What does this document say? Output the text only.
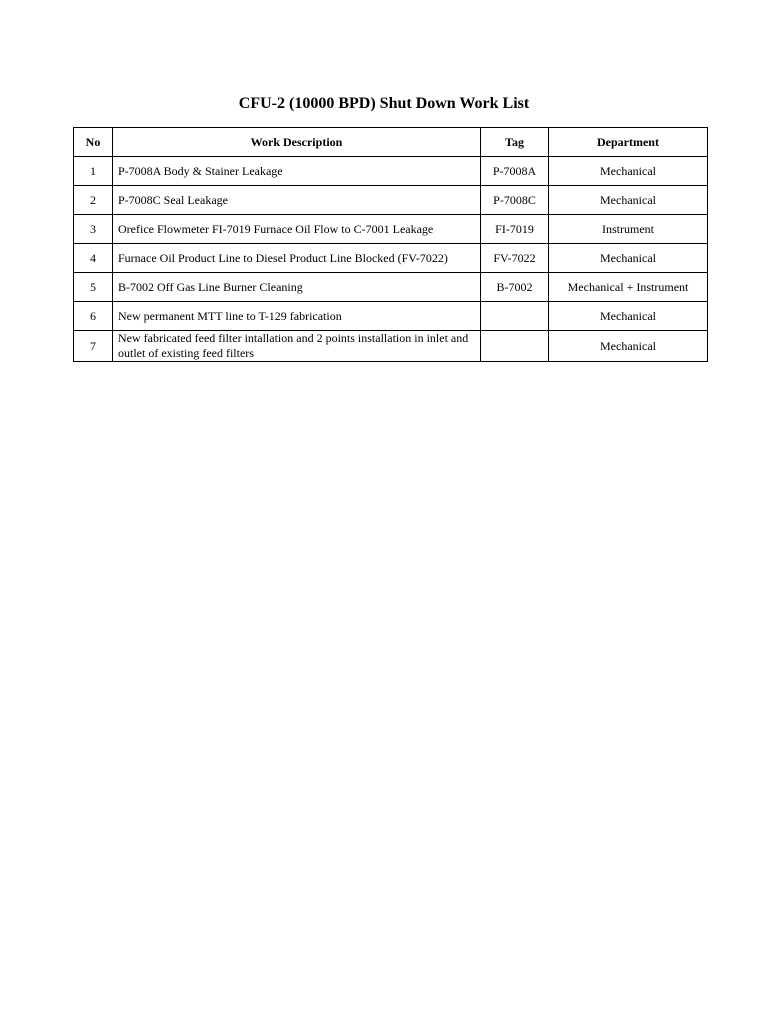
CFU-2 (10000 BPD) Shut Down Work List
No	Work Description	Tag	Department
1	P-7008A Body & Stainer Leakage	P-7008A	Mechanical
2	P-7008C Seal Leakage	P-7008C	Mechanical
3	Orefice Flowmeter FI-7019 Furnace Oil Flow to C-7001 Leakage	FI-7019	Instrument
4	Furnace Oil Product Line to Diesel Product Line Blocked (FV-7022)	FV-7022	Mechanical
5	B-7002 Off Gas Line Burner Cleaning	B-7002	Mechanical + Instrument
6	New permanent MTT line to T-129 fabrication		Mechanical
7	New fabricated feed filter intallation and 2 points installation in inlet and outlet of existing feed filters		Mechanical
